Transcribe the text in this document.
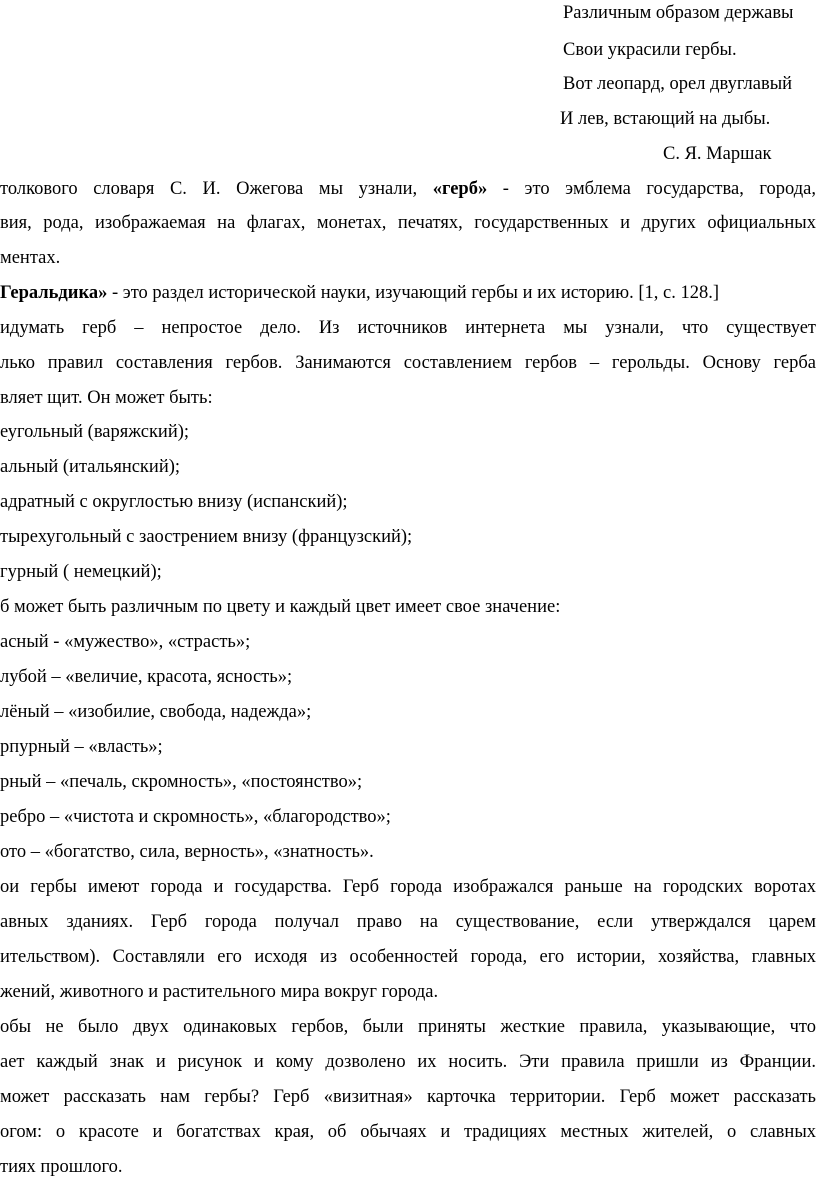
Различным образом державы
Свои украсили гербы.
Вот леопард, орел двуглавый
И лев, встающий на дыбы.
С. Я. Маршак
толкового словаря С. И. Ожегова мы узнали, «герб» - это эмблема государства, города,
вия, рода, изображаемая на флагах, монетах, печатях, государственных и других официальных
ментах.
Геральдика» - это раздел исторической науки, изучающий гербы и их историю. [1, с. 128.]
идумать герб – непростое дело. Из источников интернета мы узнали, что существует
лько правил составления гербов. Занимаются составлением гербов – герольды. Основу герба
вляет щит. Он может быть:
еугольный (варяжский);
альный (итальянский);
адратный с округлостью внизу (испанский);
тырехугольный с заострением внизу (французский);
гурный ( немецкий);
б может быть различным по цвету и каждый цвет имеет свое значение:
асный - «мужество», «страсть»;
лубой – «величие, красота, ясность»;
лёный – «изобилие, свобода, надежда»;
рпурный – «власть»;
рный – «печаль, скромность», «постоянство»;
ребро – «чистота и скромность», «благородство»;
ото – «богатство, сила, верность», «знатность».
ои гербы имеют города и государства. Герб города изображался раньше на городских воротах
авных зданиях. Герб города получал право на существование, если утверждался царем
ительством). Составляли его исходя из особенностей города, его истории, хозяйства, главных
жений, животного и растительного мира вокруг города.
обы не было двух одинаковых гербов, были приняты жесткие правила, указывающие, что
ает каждый знак и рисунок и кому дозволено их носить. Эти правила пришли из Франции.
может рассказать нам гербы? Герб «визитная» карточка территории. Герб может рассказать
огом: о красоте и богатствах края, об обычаях и традициях местных жителей, о славных
тиях прошлого.
